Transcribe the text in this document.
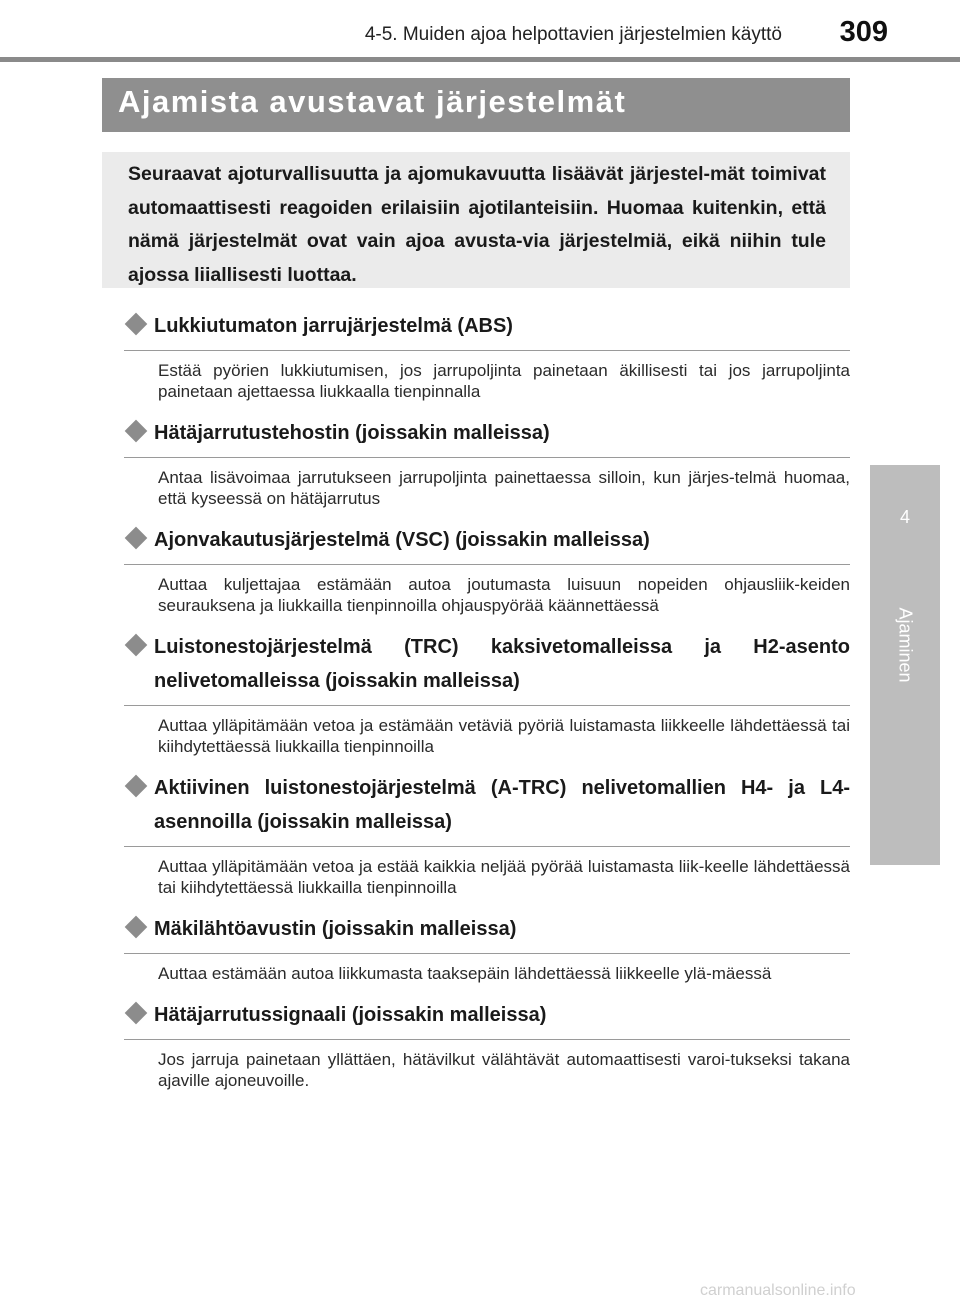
4-5. Muiden ajoa helpottavien järjestelmien käyttö	309
4
Ajaminen
Ajamista avustavat järjestelmät

Seuraavat ajoturvallisuutta ja ajomukavuutta lisäävät järjestel-mät toimivat automaattisesti reagoiden erilaisiin ajotilanteisiin. Huomaa kuitenkin, että nämä järjestelmät ovat vain ajoa avusta-via järjestelmiä, eikä niihin tule ajossa liiallisesti luottaa.

Lukkiutumaton jarrujärjestelmä (ABS)
Estää pyörien lukkiutumisen, jos jarrupoljinta painetaan äkillisesti tai jos jarrupoljinta painetaan ajettaessa liukkaalla tienpinnalla
Hätäjarrutustehostin (joissakin malleissa)
Antaa lisävoimaa jarrutukseen jarrupoljinta painettaessa silloin, kun järjes-telmä huomaa, että kyseessä on hätäjarrutus
Ajonvakautusjärjestelmä (VSC) (joissakin malleissa)
Auttaa kuljettajaa estämään autoa joutumasta luisuun nopeiden ohjausliik-keiden seurauksena ja liukkailla tienpinnoilla ohjauspyörää käännettäessä
Luistonestojärjestelmä (TRC) kaksivetomalleissa ja H2-asento nelivetomalleissa (joissakin malleissa)
Auttaa ylläpitämään vetoa ja estämään vetäviä pyöriä luistamasta liikkeelle lähdettäessä tai kiihdytettäessä liukkailla tienpinnoilla
Aktiivinen luistonestojärjestelmä (A-TRC) nelivetomallien H4- ja L4-asennoilla (joissakin malleissa)
Auttaa ylläpitämään vetoa ja estää kaikkia neljää pyörää luistamasta liik-keelle lähdettäessä tai kiihdytettäessä liukkailla tienpinnoilla
Mäkilähtöavustin (joissakin malleissa)
Auttaa estämään autoa liikkumasta taaksepäin lähdettäessä liikkeelle ylä-mäessä
Hätäjarrutussignaali (joissakin malleissa)
Jos jarruja painetaan yllättäen, hätävilkut välähtävät automaattisesti varoi-tukseksi takana ajaville ajoneuvoille.
carmanualsonline.info
